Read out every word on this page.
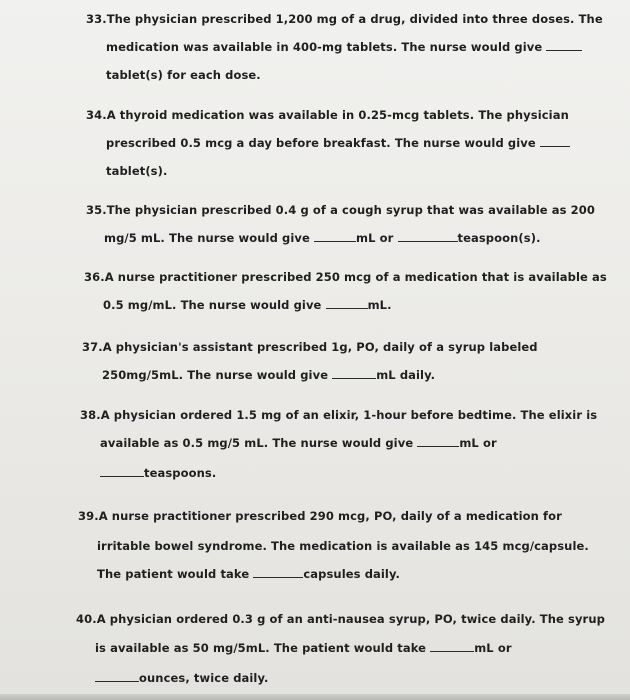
33.The physician prescribed 1,200 mg of a drug, divided into three doses. The
medication was available in 400-mg tablets. The nurse would give
tablet(s) for each dose.
34.A thyroid medication was available in 0.25-mcg tablets. The physician
prescribed 0.5 mcg a day before breakfast. The nurse would give
tablet(s).
35.The physician prescribed 0.4 g of a cough syrup that was available as 200
mg/5 mL. The nurse would give	mL or	teaspoon(s).
36.A nurse practitioner prescribed 250 mcg of a medication that is available as
0.5 mg/mL. The nurse would give	mL.
37.A physician's assistant prescribed 1g, PO, daily of a syrup labeled
250mg/5mL. The nurse would give	mL daily.
38.A physician ordered 1.5 mg of an elixir, 1-hour before bedtime. The elixir is
available as 0.5 mg/5 mL. The nurse would give	mL or
teaspoons.
39.A nurse practitioner prescribed 290 mcg, PO, daily of a medication for
irritable bowel syndrome. The medication is available as 145 mcg/capsule.
The patient would take	capsules daily.
40.A physician ordered 0.3 g of an anti-nausea syrup, PO, twice daily. The syrup
is available as 50 mg/5mL. The patient would take	mL or
ounces, twice daily.
